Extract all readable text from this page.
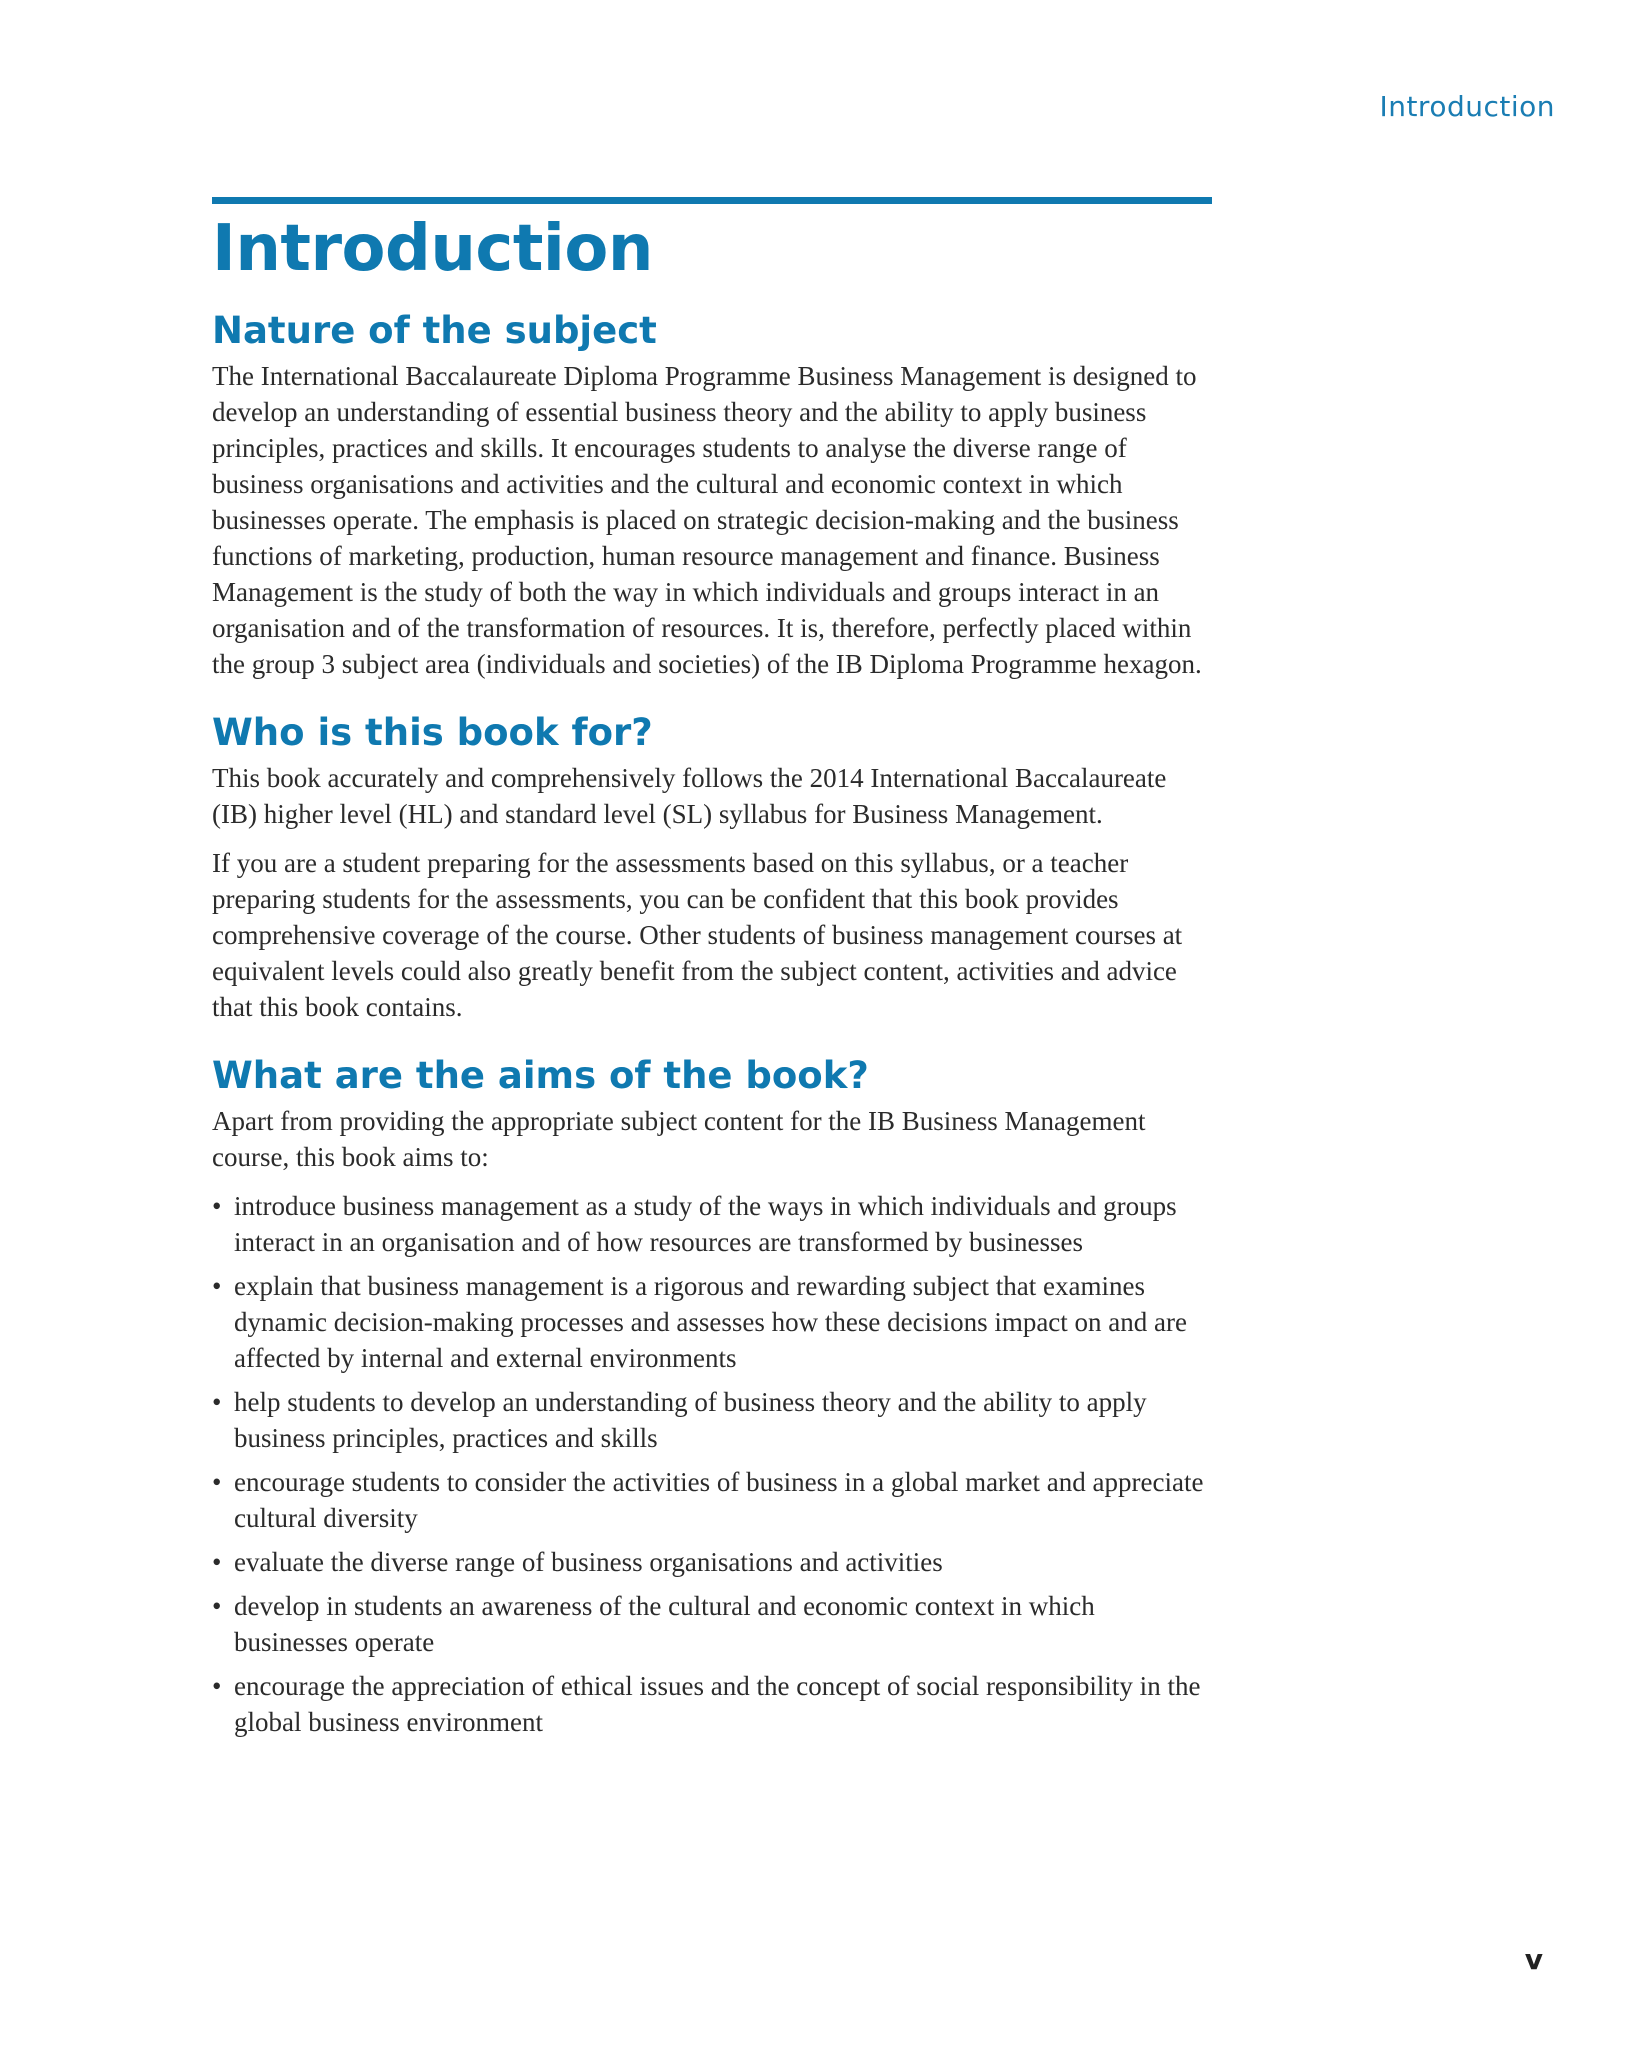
Introduction
Introduction
Nature of the subject

The International Baccalaureate Diploma Programme Business Management is designed to develop an understanding of essential business theory and the ability to apply business principles, practices and skills. It encourages students to analyse the diverse range of business organisations and activities and the cultural and economic context in which businesses operate. The emphasis is placed on strategic decision-making and the business functions of marketing, production, human resource management and finance. Business Management is the study of both the way in which individuals and groups interact in an organisation and of the transformation of resources. It is, therefore, perfectly placed within the group 3 subject area (individuals and societies) of the IB Diploma Programme hexagon.

Who is this book for?

This book accurately and comprehensively follows the 2014 International Baccalaureate (IB) higher level (HL) and standard level (SL) syllabus for Business Management.

If you are a student preparing for the assessments based on this syllabus, or a teacher preparing students for the assessments, you can be confident that this book provides comprehensive coverage of the course. Other students of business management courses at equivalent levels could also greatly benefit from the subject content, activities and advice that this book contains.

What are the aims of the book?

Apart from providing the appropriate subject content for the IB Business Management course, this book aims to:

• introduce business management as a study of the ways in which individuals and groups interact in an organisation and of how resources are transformed by businesses
• explain that business management is a rigorous and rewarding subject that examines dynamic decision-making processes and assesses how these decisions impact on and are affected by internal and external environments
• help students to develop an understanding of business theory and the ability to apply business principles, practices and skills
• encourage students to consider the activities of business in a global market and appreciate cultural diversity
• evaluate the diverse range of business organisations and activities
• develop in students an awareness of the cultural and economic context in which businesses operate
• encourage the appreciation of ethical issues and the concept of social responsibility in the global business environment
v
